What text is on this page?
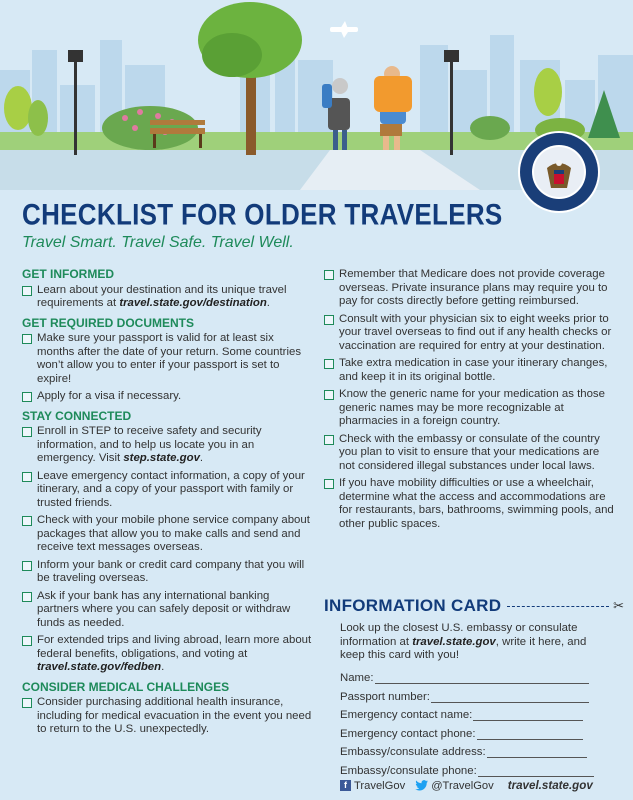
CHECKLIST FOR OLDER TRAVELERS
Travel Smart. Travel Safe. Travel Well.
GET INFORMED
Learn about your destination and its unique travel requirements at travel.state.gov/destination.
GET REQUIRED DOCUMENTS
Make sure your passport is valid for at least six months after the date of your return. Some countries won’t allow you to enter if your passport is set to expire!
Apply for a visa if necessary.
STAY CONNECTED
Enroll in STEP to receive safety and security information, and to help us locate you in an emergency. Visit step.state.gov.
Leave emergency contact information, a copy of your itinerary, and a copy of your passport with family or trusted friends.
Check with your mobile phone service company about packages that allow you to make calls and send and receive text messages overseas.
Inform your bank or credit card company that you will be traveling overseas.
Ask if your bank has any international banking partners where you can safely deposit or withdraw funds as needed.
For extended trips and living abroad, learn more about federal benefits, obligations, and voting at travel.state.gov/fedben.
CONSIDER MEDICAL CHALLENGES
Consider purchasing additional health insurance, including for medical evacuation in the event you need to return to the U.S. unexpectedly.
Remember that Medicare does not provide coverage overseas. Private insurance plans may require you to pay for costs directly before getting reimbursed.
Consult with your physician six to eight weeks prior to your travel overseas to find out if any health checks or vaccination are required for entry at your destination.
Take extra medication in case your itinerary changes, and keep it in its original bottle.
Know the generic name for your medication as those generic names may be more recognizable at pharmacies in a foreign country.
Check with the embassy or consulate of the country you plan to visit to ensure that your medications are not considered illegal substances under local laws.
If you have mobility difficulties or use a wheelchair, determine what the access and accommodations are for restaurants, bars, bathrooms, swimming pools, and other public spaces.
INFORMATION CARD	✂
Look up the closest U.S. embassy or consulate information at travel.state.gov, write it here, and keep this card with you!
Name:
Passport number:
Emergency contact name:
Emergency contact phone:
Embassy/consulate address:
Embassy/consulate phone:
f TravelGov @TravelGov travel.state.gov
